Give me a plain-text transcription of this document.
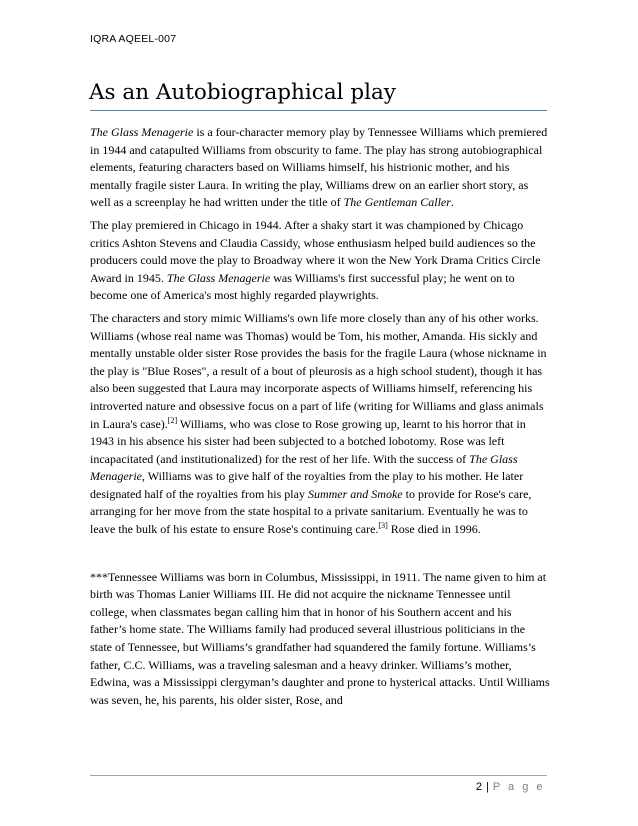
IQRA AQEEL-007
As an Autobiographical play

The Glass Menagerie is a four-character memory play by Tennessee Williams which premiered in 1944 and catapulted Williams from obscurity to fame. The play has strong autobiographical elements, featuring characters based on Williams himself, his histrionic mother, and his mentally fragile sister Laura. In writing the play, Williams drew on an earlier short story, as well as a screenplay he had written under the title of The Gentleman Caller.

The play premiered in Chicago in 1944. After a shaky start it was championed by Chicago critics Ashton Stevens and Claudia Cassidy, whose enthusiasm helped build audiences so the producers could move the play to Broadway where it won the New York Drama Critics Circle Award in 1945. The Glass Menagerie was Williams's first successful play; he went on to become one of America's most highly regarded playwrights.

The characters and story mimic Williams's own life more closely than any of his other works. Williams (whose real name was Thomas) would be Tom, his mother, Amanda. His sickly and mentally unstable older sister Rose provides the basis for the fragile Laura (whose nickname in the play is "Blue Roses", a result of a bout of pleurosis as a high school student), though it has also been suggested that Laura may incorporate aspects of Williams himself, referencing his introverted nature and obsessive focus on a part of life (writing for Williams and glass animals in Laura's case).[2] Williams, who was close to Rose growing up, learnt to his horror that in 1943 in his absence his sister had been subjected to a botched lobotomy. Rose was left incapacitated (and institutionalized) for the rest of her life. With the success of The Glass Menagerie, Williams was to give half of the royalties from the play to his mother. He later designated half of the royalties from his play Summer and Smoke to provide for Rose's care, arranging for her move from the state hospital to a private sanitarium. Eventually he was to leave the bulk of his estate to ensure Rose's continuing care.[3] Rose died in 1996.

***Tennessee Williams was born in Columbus, Mississippi, in 1911. The name given to him at birth was Thomas Lanier Williams III. He did not acquire the nickname Tennessee until college, when classmates began calling him that in honor of his Southern accent and his father’s home state. The Williams family had produced several illustrious politicians in the state of Tennessee, but Williams’s grandfather had squandered the family fortune. Williams’s father, C.C. Williams, was a traveling salesman and a heavy drinker. Williams’s mother, Edwina, was a Mississippi clergyman’s daughter and prone to hysterical attacks. Until Williams was seven, he, his parents, his older sister, Rose, and

2 | P a g e
